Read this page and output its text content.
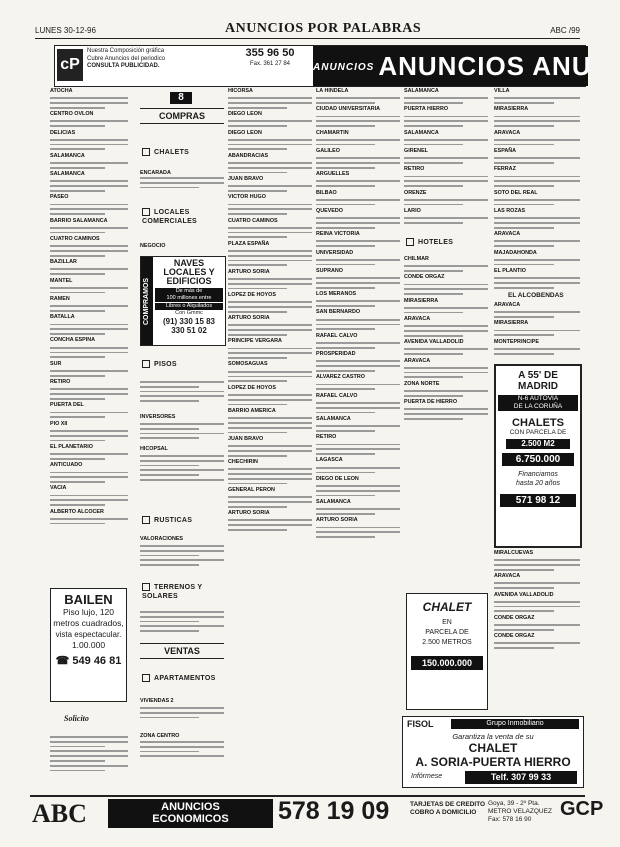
LUNES 30-12-96	ANUNCIOS POR PALABRAS	ABC /99
cP
Nuestra Composición gráfica
Cubre Anuncios del periodico
CONSULTA PUBLICIDAD.
355 96 50
Fax. 361 27 84	ANUNCIOS ANUNCIOS ANU
ATOCHA
CENTRO OVLON
DELICIAS
SALAMANCA
SALAMANCA
PASEO
BARRIO SALAMANCA
CUATRO CAMINOS
BAZILLAR
MANTEL
RAMEN
BATALLA
CONCHA ESPINA
SUR
RETIRO
PUERTA DEL
PIO XII
EL PLANETARIO
ANTICUADO
VACIA
ALBERTO ALCOCER
BAILEN
Piso lujo, 120
metros cuadrados,
vista espectacular.
1.00.000
☎ 549 46 81
Solicito
8
COMPRAS
CHALETS
ENCARADA
LOCALES COMERCIALES
NEGOCIO
COMPRAMOS
NAVES
LOCALES Y
EDIFICIOS
De más de
100 millones entre
Libres o Alquilados
Con Gmmc
(91) 330 15 83
330 51 02
PISOS
INVERSORES
HICOPSAL
RUSTICAS
VALORACIONES
TERRENOS Y SOLARES
VENTAS
APARTAMENTOS
VIVIENDAS 2
ZONA CENTRO
HICORSA
DIEGO LEON
DIEGO LEON
ABANDRACIAS
JUAN BRAVO
VICTOR HUGO
CUATRO CAMINOS
PLAZA ESPAÑA
ARTURO SORIA
LOPEZ DE HOYOS
ARTURO SORIA
PRINCIPE VERGARA
SOMOSAGUAS
LOPEZ DE HOYOS
BARRIO AMERICA
JUAN BRAVO
CHECHIRIN
GENERAL PERON
ARTURO SORIA
LA HINDELA
CIUDAD UNIVERSITARIA
CHAMARTIN
GALILEO
ARGUELLES
BILBAO
QUEVEDO
REINA VICTORIA
UNIVERSIDAD
SUPRANO
LOS MERANOS
SAN BERNARDO
RAFAEL CALVO
PROSPERIDAD
ALVAREZ CASTRO
RAFAEL CALVO
SALAMANCA
RETIRO
LAGASCA
DIEGO DE LEON
SALAMANCA
ARTURO SORIA
SALAMANCA
PUERTA HIERRO
SALAMANCA
GIRENEL
RETIRO
ORENZE
LARIO
HOTELES
CHILMAR
CONDE ORGAZ
MIRASIERRA
ARAVACA
AVENIDA VALLADOLID
ARAVACA
ZONA NORTE
PUERTA DE HIERRO
CHALET
EN
PARCELA DE
2.500 METROS
150.000.000
FISOL	Grupo Inmobiliario
Garantiza la venta de su
CHALET
A. SORIA-PUERTA HIERRO
Infórmese	Telf. 307 99 33
VILLA
MIRASIERRA
ARAVACA
ESPAÑA
FERRAZ
SOTO DEL REAL
LAS ROZAS
ARAVACA
MAJADAHONDA
EL PLANTIO
EL ALCOBENDAS
ARAVACA
MIRASIERRA
MONTEPRINCIPE
A 55' DE
MADRID
N-6 AUTOVIA
DE LA CORUÑA
CHALETS
CON PARCELA DE
2.500 M2
6.750.000
Financiamos
hasta 20 años
571 98 12
MIRALCUEVAS
ARAVACA
AVENIDA VALLADOLID
CONDE ORGAZ
CONDE ORGAZ
ABC	ANUNCIOS
ECONOMICOS	578 19 09	TARJETAS DE CREDITO
COBRO A DOMICILIO
Goya, 39 - 2º Pta.
METRO VELAZQUEZ
Fax: 578 16 90	GCP
